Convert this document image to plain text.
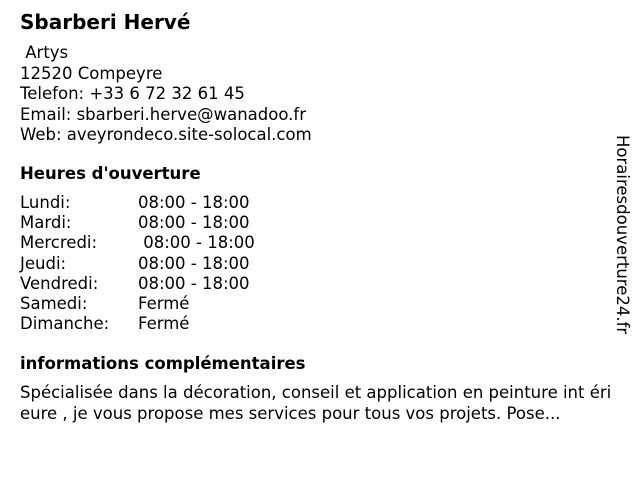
Sbarberi Hervé
Artys
12520 Compeyre
Telefon: +33 6 72 32 61 45
Email: sbarberi.herve@wanadoo.fr
Web: aveyrondeco.site-solocal.com
Heures d'ouverture
Lundi:	08:00 - 18:00
Mardi:	08:00 - 18:00
Mercredi:	08:00 - 18:00
Jeudi:	08:00 - 18:00
Vendredi:	08:00 - 18:00
Samedi:	Fermé
Dimanche:	Fermé
informations complémentaires
Spécialisée dans la décoration, conseil et application en peinture int érieure , je vous propose mes services pour tous vos projets. Pose...
Horairesdouverture24.fr
